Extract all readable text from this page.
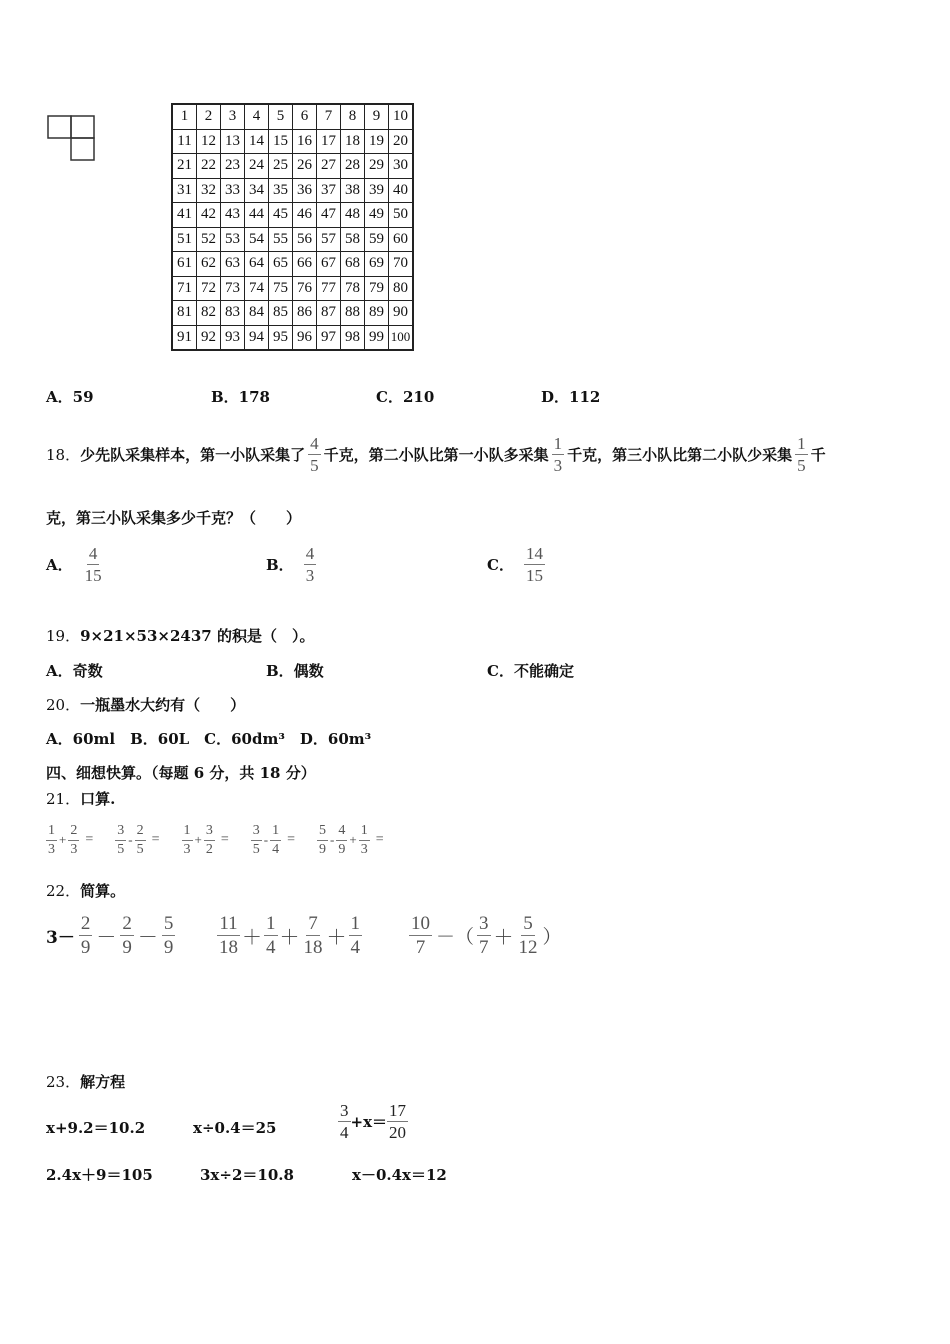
1	2	3	4	5	6	7	8	9	10
11	12	13	14	15	16	17	18	19	20
21	22	23	24	25	26	27	28	29	30
31	32	33	34	35	36	37	38	39	40
41	42	43	44	45	46	47	48	49	50
51	52	53	54	55	56	57	58	59	60
61	62	63	64	65	66	67	68	69	70
71	72	73	74	75	76	77	78	79	80
81	82	83	84	85	86	87	88	89	90
91	92	93	94	95	96	97	98	99	100
A．59	B．178	C．210	D．112
18． 少先队采集样本，第一小队采集了 $\frac{4}{5}$ 千克，第二小队比第一小队多采集 $\frac{1}{3}$ 千克，第三小队比第二小队少采集 $\frac{1}{5}$ 千
克，第三小队采集多少千克？（　　）
A． $\frac{4}{15}$	B． $\frac{4}{3}$	C． $\frac{14}{15}$
19．9×21×53×2437 的积是（　）。
A．奇数	B．偶数	C．不能确定
20．一瓶墨水大约有（　　）
A．60ml　B．60L　C．60dm³　D．60m³
四、细想快算。（每题 6 分，共 18 分）
21．口算.
$\frac{1}{3} + \frac{2}{3} = \frac{3}{5} - \frac{2}{5} = \frac{1}{3} + \frac{3}{2} = \frac{3}{5} - \frac{1}{4} = \frac{5}{9} - \frac{4}{9} + \frac{1}{3}$ =
22．简算。
$3- \frac{2}{9} - \frac{2}{9} - \frac{5}{9} \frac{11}{18} + \frac{1}{4} + \frac{7}{18} + \frac{1}{4} \frac{10}{7}$ －（ $\frac{3}{7} + \frac{5}{12}$ ）
23．解方程
x+9.2＝10.2	x÷0.4＝25	$\frac{3}{4} +x= \frac{17}{20}$
2.4x＋9＝105	3x÷2＝10.8	x－0.4x＝12
